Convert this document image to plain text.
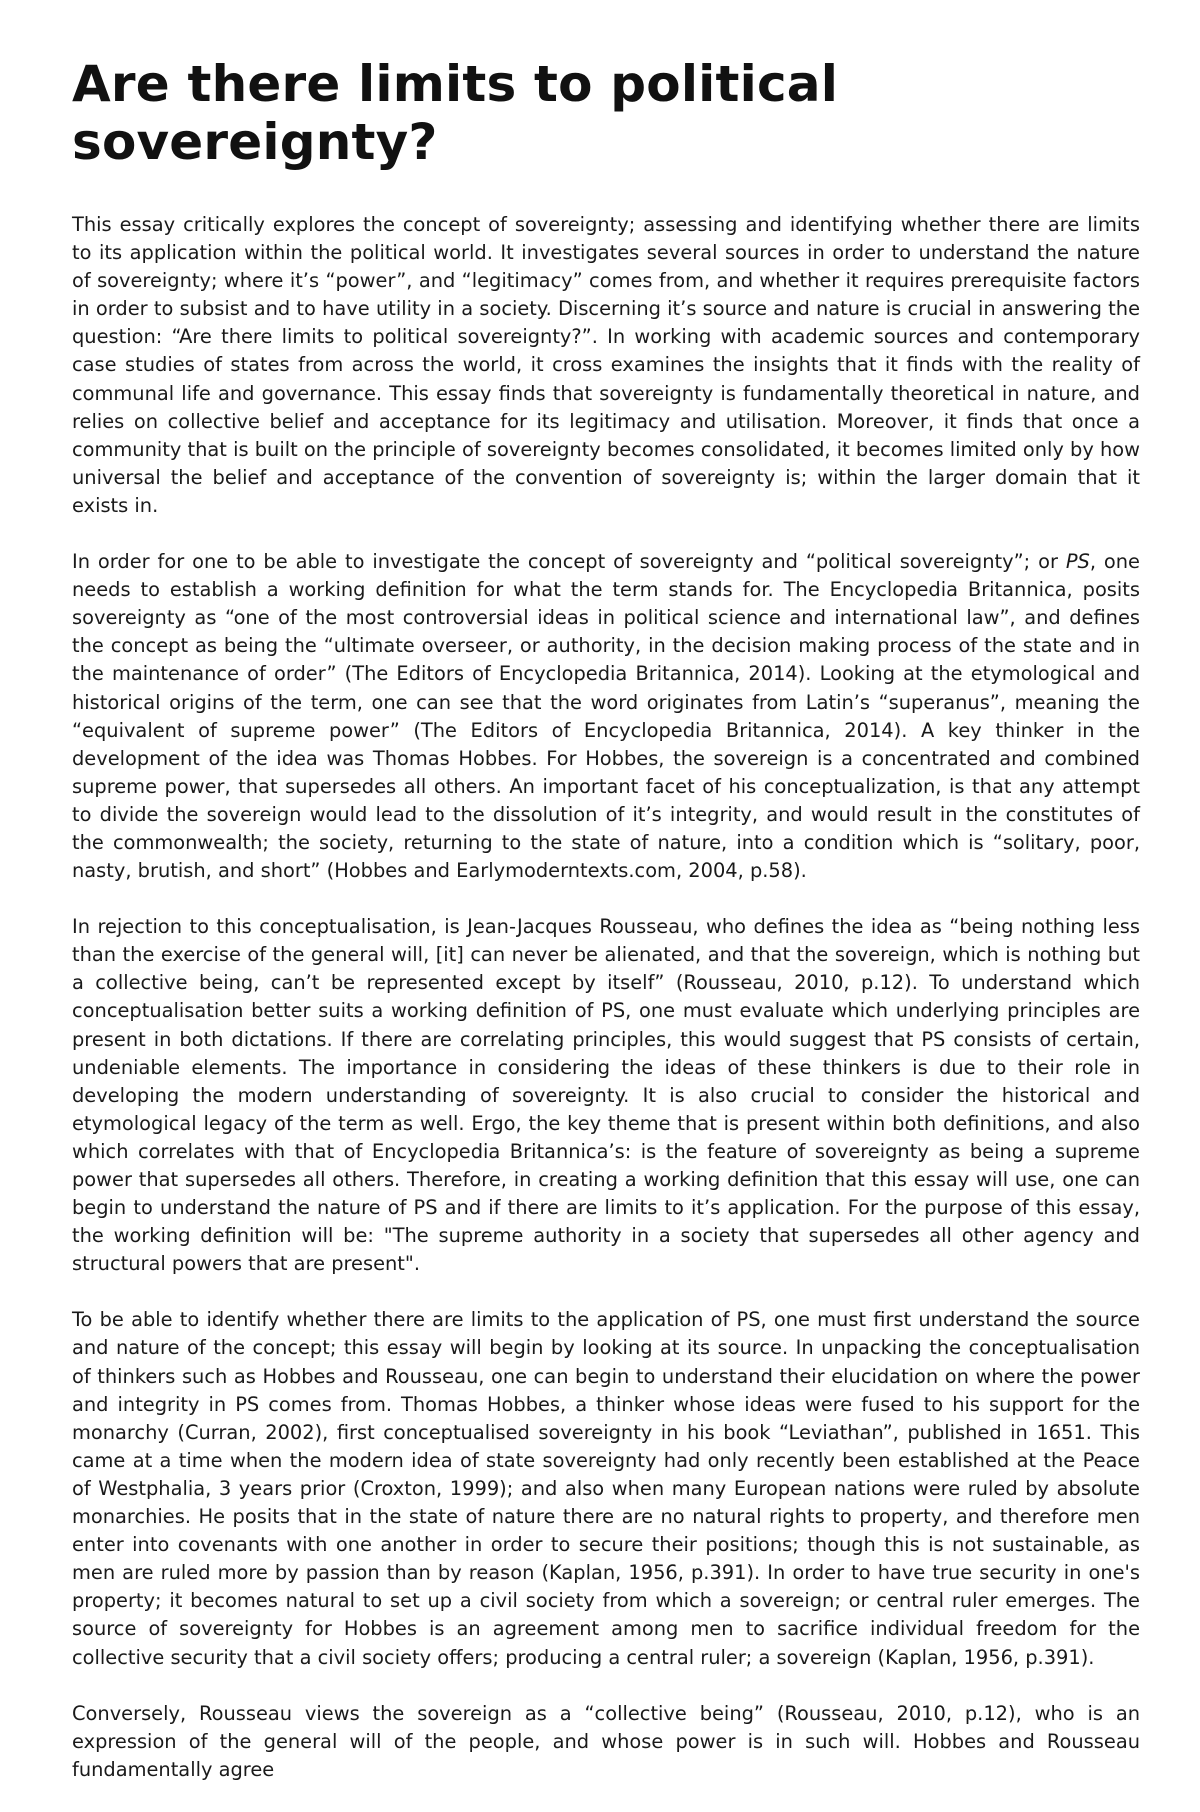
Are there limits to political sovereignty?

This essay critically explores the concept of sovereignty; assessing and identifying whether there are limits to its application within the political world. It investigates several sources in order to understand the nature of sovereignty; where it’s “power”, and “legitimacy” comes from, and whether it requires prerequisite factors in order to subsist and to have utility in a society. Discerning it’s source and nature is crucial in answering the question: “Are there limits to political sovereignty?”. In working with academic sources and contemporary case studies of states from across the world, it cross examines the insights that it finds with the reality of communal life and governance. This essay finds that sovereignty is fundamentally theoretical in nature, and relies on collective belief and acceptance for its legitimacy and utilisation. Moreover, it finds that once a community that is built on the principle of sovereignty becomes consolidated, it becomes limited only by how universal the belief and acceptance of the convention of sovereignty is; within the larger domain that it exists in.

In order for one to be able to investigate the concept of sovereignty and “political sovereignty”; or PS, one needs to establish a working definition for what the term stands for. The Encyclopedia Britannica, posits sovereignty as “one of the most controversial ideas in political science and international law”, and defines the concept as being the “ultimate overseer, or authority, in the decision making process of the state and in the maintenance of order” (The Editors of Encyclopedia Britannica, 2014). Looking at the etymological and historical origins of the term, one can see that the word originates from Latin’s “superanus”, meaning the “equivalent of supreme power” (The Editors of Encyclopedia Britannica, 2014). A key thinker in the development of the idea was Thomas Hobbes. For Hobbes, the sovereign is a concentrated and combined supreme power, that supersedes all others. An important facet of his conceptualization, is that any attempt to divide the sovereign would lead to the dissolution of it’s integrity, and would result in the constitutes of the commonwealth; the society, returning to the state of nature, into a condition which is “solitary, poor, nasty, brutish, and short” (Hobbes and Earlymoderntexts.com, 2004, p.58).

In rejection to this conceptualisation, is Jean-Jacques Rousseau, who defines the idea as “being nothing less than the exercise of the general will, [it] can never be alienated, and that the sovereign, which is nothing but a collective being, can’t be represented except by itself” (Rousseau, 2010, p.12). To understand which conceptualisation better suits a working definition of PS, one must evaluate which underlying principles are present in both dictations. If there are correlating principles, this would suggest that PS consists of certain, undeniable elements. The importance in considering the ideas of these thinkers is due to their role in developing the modern understanding of sovereignty. It is also crucial to consider the historical and etymological legacy of the term as well. Ergo, the key theme that is present within both definitions, and also which correlates with that of Encyclopedia Britannica’s: is the feature of sovereignty as being a supreme power that supersedes all others. Therefore, in creating a working definition that this essay will use, one can begin to understand the nature of PS and if there are limits to it’s application. For the purpose of this essay, the working definition will be: "The supreme authority in a society that supersedes all other agency and structural powers that are present".

To be able to identify whether there are limits to the application of PS, one must first understand the source and nature of the concept; this essay will begin by looking at its source. In unpacking the conceptualisation of thinkers such as Hobbes and Rousseau, one can begin to understand their elucidation on where the power and integrity in PS comes from. Thomas Hobbes, a thinker whose ideas were fused to his support for the monarchy (Curran, 2002), first conceptualised sovereignty in his book “Leviathan”, published in 1651. This came at a time when the modern idea of state sovereignty had only recently been established at the Peace of Westphalia, 3 years prior (Croxton, 1999); and also when many European nations were ruled by absolute monarchies. He posits that in the state of nature there are no natural rights to property, and therefore men enter into covenants with one another in order to secure their positions; though this is not sustainable, as men are ruled more by passion than by reason (Kaplan, 1956, p.391). In order to have true security in one's property; it becomes natural to set up a civil society from which a sovereign; or central ruler emerges. The source of sovereignty for Hobbes is an agreement among men to sacrifice individual freedom for the collective security that a civil society offers; producing a central ruler; a sovereign (Kaplan, 1956, p.391).

Conversely, Rousseau views the sovereign as a “collective being” (Rousseau, 2010, p.12), who is an expression of the general will of the people, and whose power is in such will. Hobbes and Rousseau fundamentally agree
